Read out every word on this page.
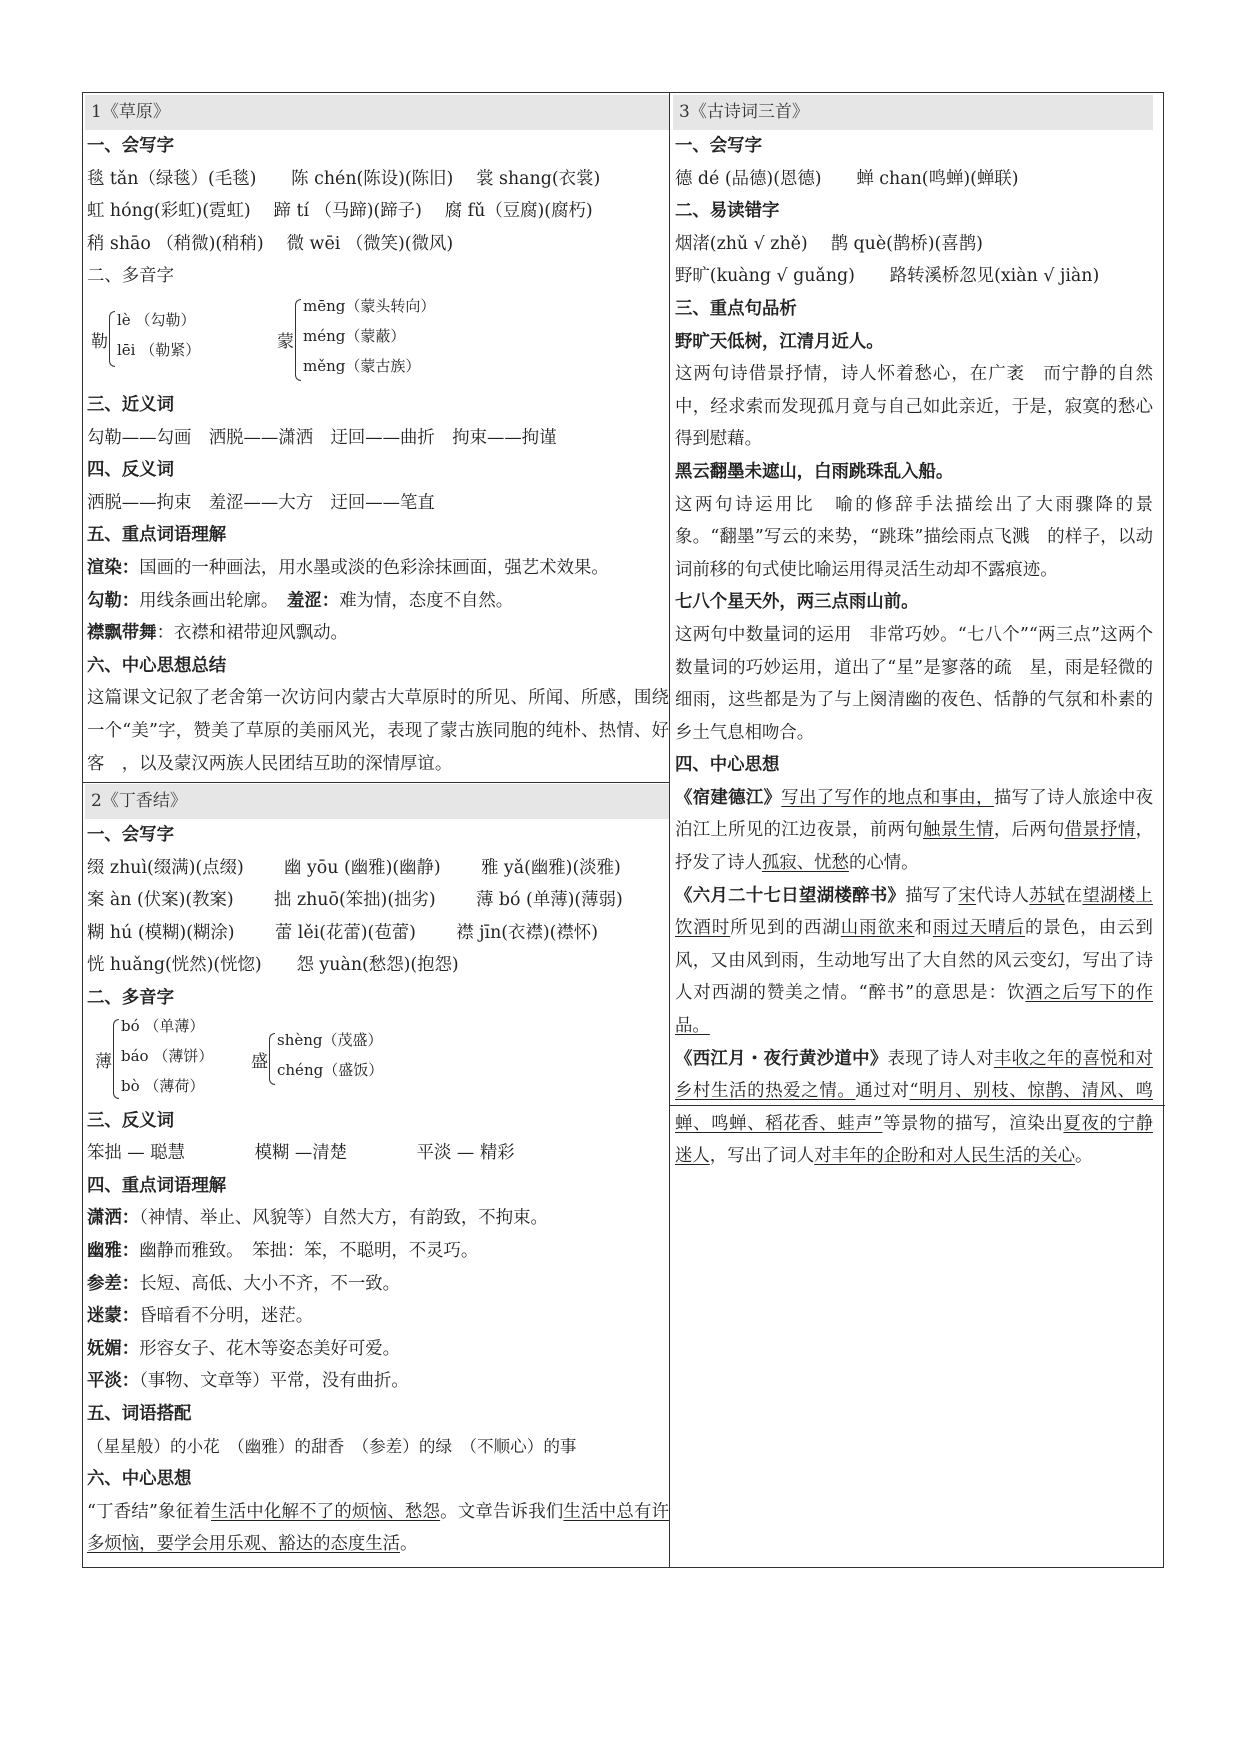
1《草原》
一、会写字
毯 tǎn（绿毯）(毛毯)　　陈 chén(陈设)(陈旧)　 裳 shang(衣裳)
虹 hóng(彩虹)(霓虹)　 蹄 tí （马蹄)(蹄子)　 腐 fǔ（豆腐)(腐朽)
稍 shāo （稍微)(稍稍)　 微 wēi （微笑)(微风)
二、多音字
勒
lè （勾勒）
lēi （勒紧）	蒙
mēng（蒙头转向）
méng（蒙蔽）
měng（蒙古族）
三、近义词
勾勒——勾画　洒脱——潇洒　迂回——曲折　拘束——拘谨
四、反义词
洒脱——拘束　羞涩——大方　迂回——笔直
五、重点词语理解
渲染：国画的一种画法，用水墨或淡的色彩涂抹画面，强艺术效果。
勾勒：用线条画出轮廓。　羞涩：难为情，态度不自然。
襟飘带舞：衣襟和裙带迎风飘动。
六、中心思想总结
这篇课文记叙了老舍第一次访问内蒙古大草原时的所见、所闻、所感，围绕一个“美”字，赞美了草原的美丽风光，表现了蒙古族同胞的纯朴、热情、好客　，以及蒙汉两族人民团结互助的深情厚谊。
2《丁香结》
一、会写字
缀 zhuì(缀满)(点缀)　　 幽 yōu (幽雅)(幽静)　　 雅 yǎ(幽雅)(淡雅)
案 àn (伏案)(教案)　　 拙 zhuō(笨拙)(拙劣)　　 薄 bó (单薄)(薄弱)
糊 hú (模糊)(糊涂)　　 蕾 lěi(花蕾)(苞蕾)　　 襟 jīn(衣襟)(襟怀)
恍 huǎng(恍然)(恍惚)　　怨 yuàn(愁怨)(抱怨)
二、多音字
薄
bó （单薄）
báo （薄饼）
bò （薄荷）
盛
shèng（茂盛）
chéng（盛饭）
三、反义词
笨拙 — 聪慧　　　　模糊 —清楚　　　　平淡 — 精彩
四、重点词语理解
潇洒：（神情、举止、风貌等）自然大方，有韵致，不拘束。
幽雅：幽静而雅致。　笨拙：笨，不聪明，不灵巧。
参差：长短、高低、大小不齐，不一致。
迷蒙：昏暗看不分明，迷茫。
妩媚：形容女子、花木等姿态美好可爱。
平淡：（事物、文章等）平常，没有曲折。
五、词语搭配
（星星般）的小花　（幽雅）的甜香　（参差）的绿　（不顺心）的事
六、中心思想
“丁香结”象征着生活中化解不了的烦恼、愁怨。文章告诉我们生活中总有许多烦恼，要学会用乐观、豁达的态度生活。
3《古诗词三首》
一、会写字
德 dé (品德)(恩德)　　蝉 chan(鸣蝉)(蝉联)
二、易读错字
烟渚(zhǔ √ zhě)　 鹊 què(鹊桥)(喜鹊)
野旷(kuàng √ guǎng)　　路转溪桥忽见(xiàn √ jiàn)
三、重点句品析
野旷天低树，江清月近人。
这两句诗借景抒情，诗人怀着愁心，在广袤　而宁静的自然中，经求索而发现孤月竟与自己如此亲近，于是，寂寞的愁心得到慰藉。
黑云翻墨未遮山，白雨跳珠乱入船。
这两句诗运用比　喻的修辞手法描绘出了大雨骤降的景象。“翻墨”写云的来势，“跳珠”描绘雨点飞溅　的样子，以动词前移的句式使比喻运用得灵活生动却不露痕迹。
七八个星天外，两三点雨山前。
这两句中数量词的运用　非常巧妙。“七八个”“两三点”这两个数量词的巧妙运用，道出了“星”是寥落的疏　星，雨是轻微的细雨，这些都是为了与上阕清幽的夜色、恬静的气氛和朴素的乡土气息相吻合。
四、中心思想
《宿建德江》写出了写作的地点和事由，描写了诗人旅途中夜泊江上所见的江边夜景，前两句触景生情，后两句借景抒情，抒发了诗人孤寂、忧愁的心情。
《六月二十七日望湖楼醉书》描写了宋代诗人苏轼在望湖楼上饮酒时所见到的西湖山雨欲来和雨过天晴后的景色，由云到风，又由风到雨，生动地写出了大自然的风云变幻，写出了诗人对西湖的赞美之情。“醉书”的意思是：饮酒之后写下的作品。
《西江月・夜行黄沙道中》表现了诗人对丰收之年的喜悦和对乡村生活的热爱之情。通过对“明月、别枝、惊鹊、清风、鸣蝉、鸣蝉、稻花香、蛙声”等景物的描写，渲染出夏夜的宁静迷人，写出了词人对丰年的企盼和对人民生活的关心。
